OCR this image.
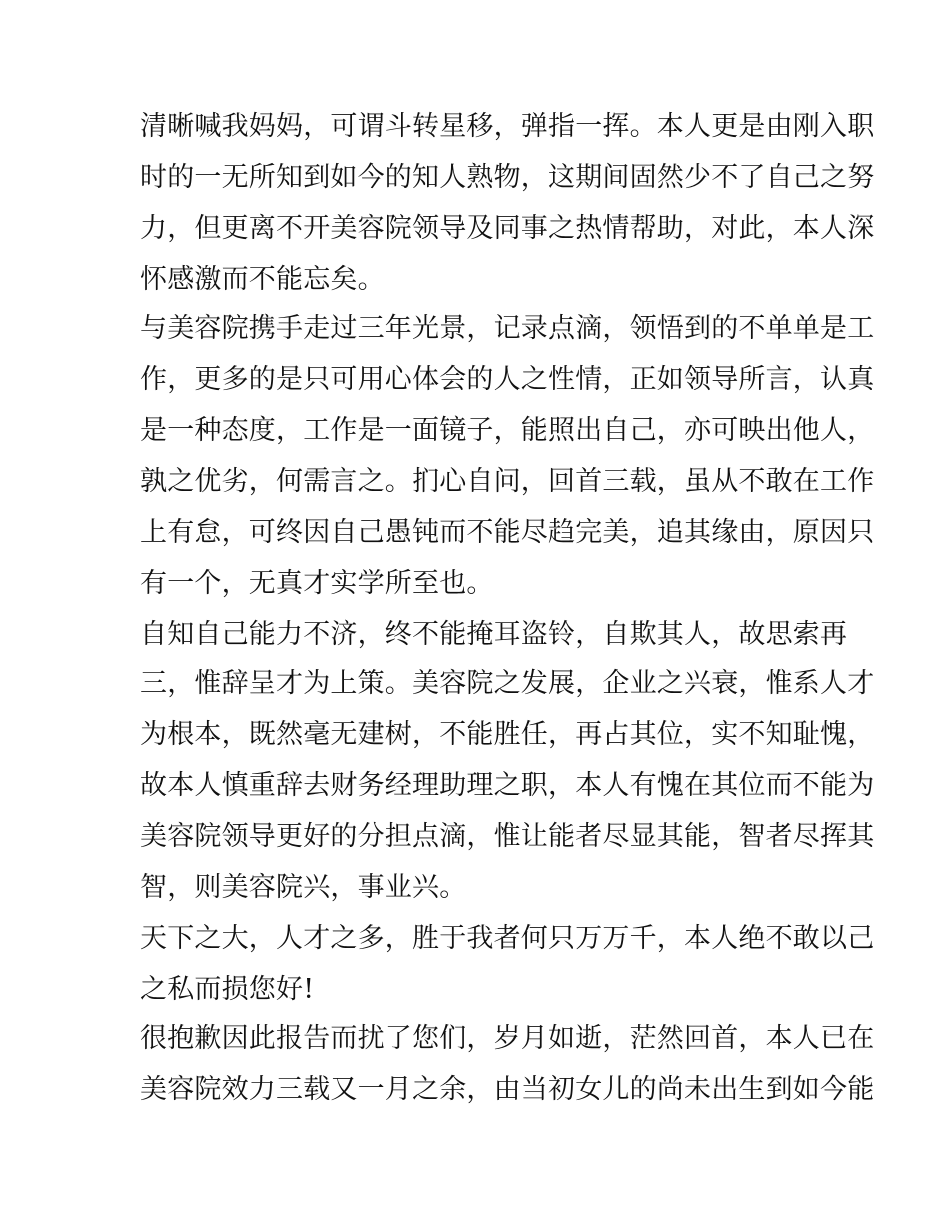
清晰喊我妈妈，可谓斗转星移，弹指一挥。本人更是由刚入职
时的一无所知到如今的知人熟物，这期间固然少不了自己之努
力，但更离不开美容院领导及同事之热情帮助，对此，本人深
怀感激而不能忘矣。
与美容院携手走过三年光景，记录点滴，领悟到的不单单是工
作，更多的是只可用心体会的人之性情，正如领导所言，认真
是一种态度，工作是一面镜子，能照出自己，亦可映出他人，
孰之优劣，何需言之。扪心自问，回首三载，虽从不敢在工作
上有怠，可终因自己愚钝而不能尽趋完美，追其缘由，原因只
有一个，无真才实学所至也。
自知自己能力不济，终不能掩耳盗铃，自欺其人，故思索再
三，惟辞呈才为上策。美容院之发展，企业之兴衰，惟系人才
为根本，既然毫无建树，不能胜任，再占其位，实不知耻愧，
故本人慎重辞去财务经理助理之职，本人有愧在其位而不能为
美容院领导更好的分担点滴，惟让能者尽显其能，智者尽挥其
智，则美容院兴，事业兴。
天下之大，人才之多，胜于我者何只万万千，本人绝不敢以己
之私而损您好!
很抱歉因此报告而扰了您们，岁月如逝，茫然回首，本人已在
美容院效力三载又一月之余，由当初女儿的尚未出生到如今能
